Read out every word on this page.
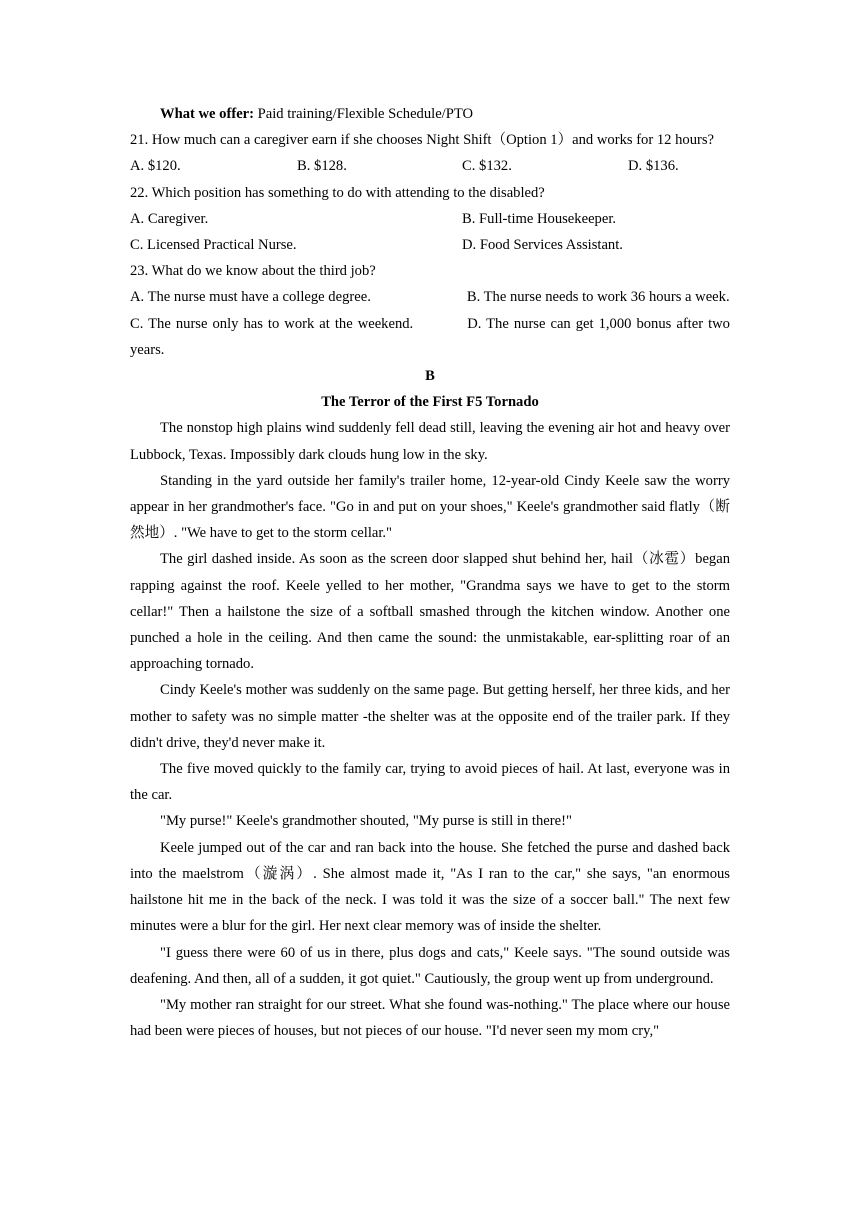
What we offer: Paid training/Flexible Schedule/PTO
21. How much can a caregiver earn if she chooses Night Shift（Option 1）and works for 12 hours?
A. $120.	B. $128.	C. $132.	D. $136.
22. Which position has something to do with attending to the disabled?
A. Caregiver.	B. Full-time Housekeeper.
C. Licensed Practical Nurse.	D. Food Services Assistant.
23. What do we know about the third job?
A. The nurse must have a college degree.	B. The nurse needs to work 36 hours a week.
C. The nurse only has to work at the weekend.	D. The nurse can get 1,000 bonus after two years.
B
The Terror of the First F5 Tornado
The nonstop high plains wind suddenly fell dead still, leaving the evening air hot and heavy over Lubbock, Texas. Impossibly dark clouds hung low in the sky.
Standing in the yard outside her family's trailer home, 12-year-old Cindy Keele saw the worry appear in her grandmother's face. "Go in and put on your shoes," Keele's grandmother said flatly（断然地）. "We have to get to the storm cellar."
The girl dashed inside. As soon as the screen door slapped shut behind her, hail（冰雹）began rapping against the roof. Keele yelled to her mother, "Grandma says we have to get to the storm cellar!" Then a hailstone the size of a softball smashed through the kitchen window. Another one punched a hole in the ceiling. And then came the sound: the unmistakable, ear-splitting roar of an approaching tornado.
Cindy Keele's mother was suddenly on the same page. But getting herself, her three kids, and her mother to safety was no simple matter -the shelter was at the opposite end of the trailer park. If they didn't drive, they'd never make it.
The five moved quickly to the family car, trying to avoid pieces of hail. At last, everyone was in the car.
"My purse!" Keele's grandmother shouted, "My purse is still in there!"
Keele jumped out of the car and ran back into the house. She fetched the purse and dashed back into the maelstrom（漩涡）. She almost made it, "As I ran to the car," she says, "an enormous hailstone hit me in the back of the neck. I was told it was the size of a soccer ball." The next few minutes were a blur for the girl. Her next clear memory was of inside the shelter.
"I guess there were 60 of us in there, plus dogs and cats," Keele says. "The sound outside was deafening. And then, all of a sudden, it got quiet." Cautiously, the group went up from underground.
"My mother ran straight for our street. What she found was-nothing." The place where our house had been were pieces of houses, but not pieces of our house. "I'd never seen my mom cry,"
